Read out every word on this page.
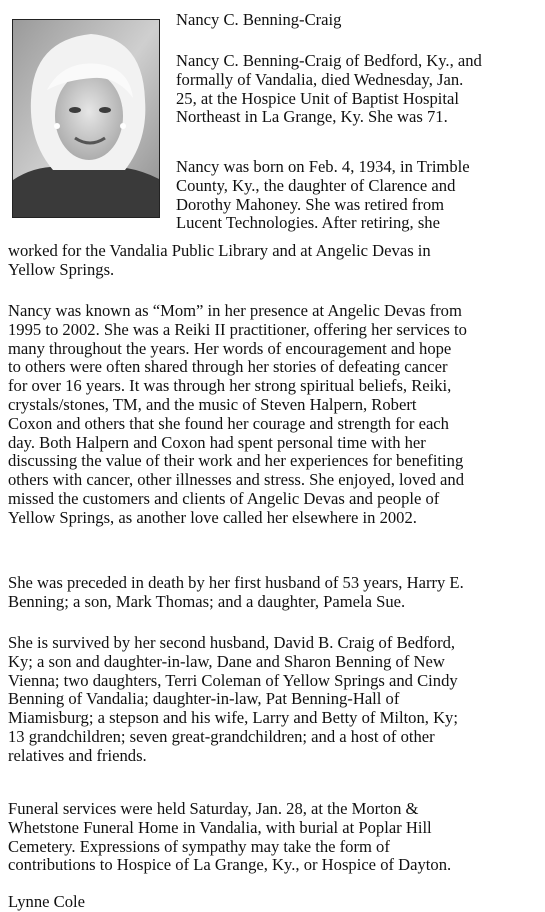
Nancy C. Benning-Craig

Nancy C. Benning-Craig of Bedford, Ky., and
formally of Vandalia, died Wednesday, Jan.
25, at the Hospice Unit of Baptist Hospital
Northeast in La Grange, Ky. She was 71.

Nancy was born on Feb. 4, 1934, in Trimble
County, Ky., the daughter of Clarence and
Dorothy Mahoney. She was retired from
Lucent Technologies. After retiring, she

worked for the Vandalia Public Library and at Angelic Devas in
Yellow Springs.

Nancy was known as “Mom” in her presence at Angelic Devas from
1995 to 2002. She was a Reiki II practitioner, offering her services to
many throughout the years. Her words of encouragement and hope
to others were often shared through her stories of defeating cancer
for over 16 years. It was through her strong spiritual beliefs, Reiki,
crystals/stones, TM, and the music of Steven Halpern, Robert
Coxon and others that she found her courage and strength for each
day. Both Halpern and Coxon had spent personal time with her
discussing the value of their work and her experiences for benefiting
others with cancer, other illnesses and stress. She enjoyed, loved and
missed the customers and clients of Angelic Devas and people of
Yellow Springs, as another love called her elsewhere in 2002.

She was preceded in death by her first husband of 53 years, Harry E.
Benning; a son, Mark Thomas; and a daughter, Pamela Sue.

She is survived by her second husband, David B. Craig of Bedford,
Ky; a son and daughter-in-law, Dane and Sharon Benning of New
Vienna; two daughters, Terri Coleman of Yellow Springs and Cindy
Benning of Vandalia; daughter-in-law, Pat Benning-Hall of
Miamisburg; a stepson and his wife, Larry and Betty of Milton, Ky;
13 grandchildren; seven great-grandchildren; and a host of other
relatives and friends.

Funeral services were held Saturday, Jan. 28, at the Morton &
Whetstone Funeral Home in Vandalia, with burial at Poplar Hill
Cemetery. Expressions of sympathy may take the form of
contributions to Hospice of La Grange, Ky., or Hospice of Dayton.

Lynne Cole
